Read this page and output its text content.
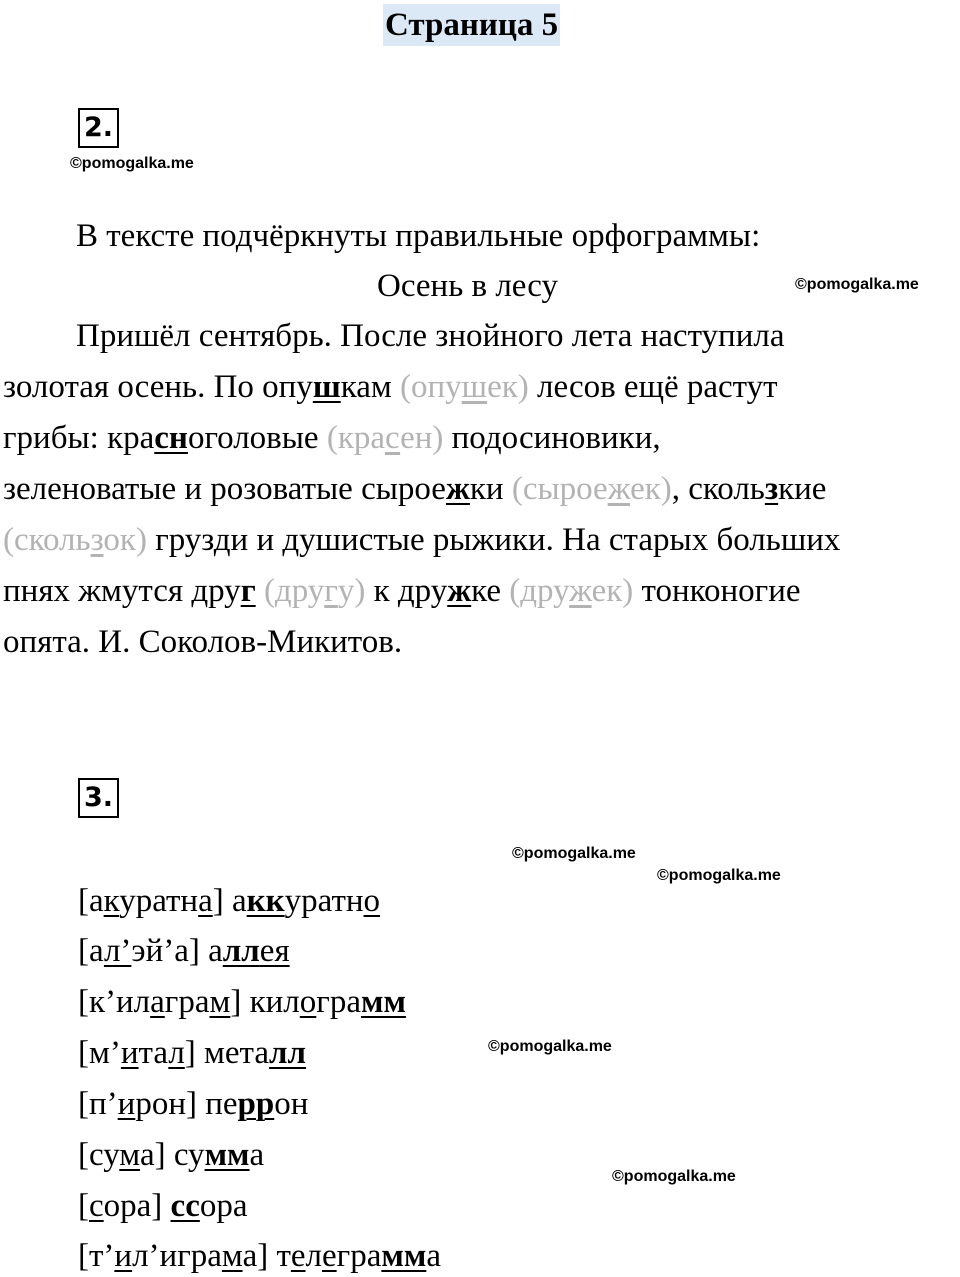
Страница 5
2.
©pomogalka.me
В тексте подчёркнуты правильные орфограммы:
Осень в лесу	©pomogalka.me
Пришёл сентябрь. После знойного лета наступила
золотая осень. По опушкам (опушек) лесов ещё растут
грибы: красноголовые (красен) подосиновики,
зеленоватые и розоватые сыроежки (сыроежек), скользкие
(скользок) грузди и душистые рыжики. На старых больших
пнях жмутся друг (другу) к дружке (дружек) тонконогие
опята. И. Соколов-Микитов.
3.
©pomogalka.me
©pomogalka.me
[акуратна] аккуратно
[ал’эй’а] аллея
[к’илаграм] килограмм
©pomogalka.me
[м’итал] металл
[п’ирон] перрон
[сума] сумма
©pomogalka.me
[сора] ссора
[т’ил’играма] телеграмма
